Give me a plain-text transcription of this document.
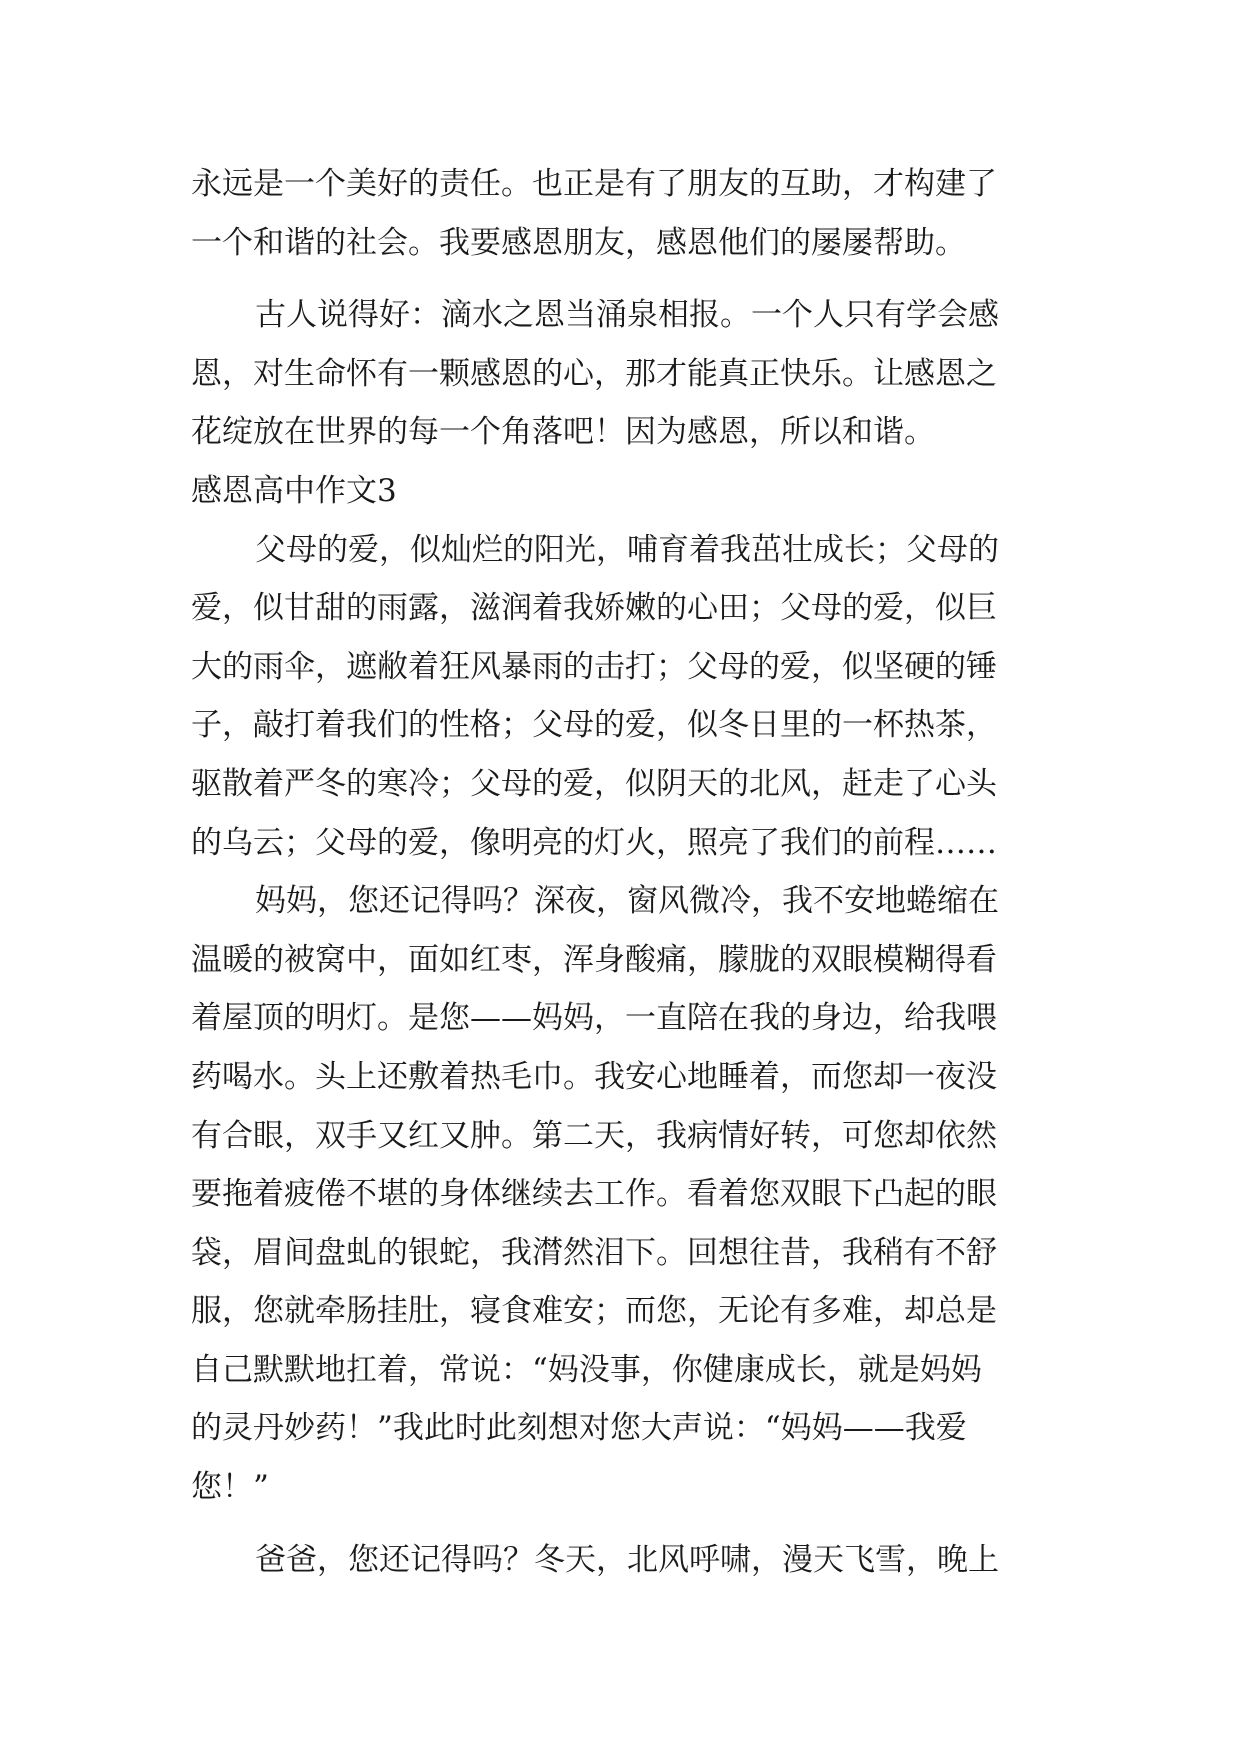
永远是一个美好的责任。也正是有了朋友的互助，才构建了
一个和谐的社会。我要感恩朋友，感恩他们的屡屡帮助。
古人说得好：滴水之恩当涌泉相报。一个人只有学会感
恩，对生命怀有一颗感恩的心，那才能真正快乐。让感恩之
花绽放在世界的每一个角落吧！因为感恩，所以和谐。
感恩高中作文3
父母的爱，似灿烂的阳光，哺育着我茁壮成长；父母的
爱，似甘甜的雨露，滋润着我娇嫩的心田；父母的爱，似巨
大的雨伞，遮敝着狂风暴雨的击打；父母的爱，似坚硬的锤
子，敲打着我们的性格；父母的爱，似冬日里的一杯热茶，
驱散着严冬的寒冷；父母的爱，似阴天的北风，赶走了心头
的乌云；父母的爱，像明亮的灯火，照亮了我们的前程……
妈妈，您还记得吗？深夜，窗风微冷，我不安地蜷缩在
温暖的被窝中，面如红枣，浑身酸痛，朦胧的双眼模糊得看
着屋顶的明灯。是您——妈妈，一直陪在我的身边，给我喂
药喝水。头上还敷着热毛巾。我安心地睡着，而您却一夜没
有合眼，双手又红又肿。第二天，我病情好转，可您却依然
要拖着疲倦不堪的身体继续去工作。看着您双眼下凸起的眼
袋，眉间盘虬的银蛇，我潸然泪下。回想往昔，我稍有不舒
服，您就牵肠挂肚，寝食难安；而您，无论有多难，却总是
自己默默地扛着，常说：“妈没事，你健康成长，就是妈妈
的灵丹妙药！”我此时此刻想对您大声说：“妈妈——我爱
您！”
爸爸，您还记得吗？冬天，北风呼啸，漫天飞雪，晚上
